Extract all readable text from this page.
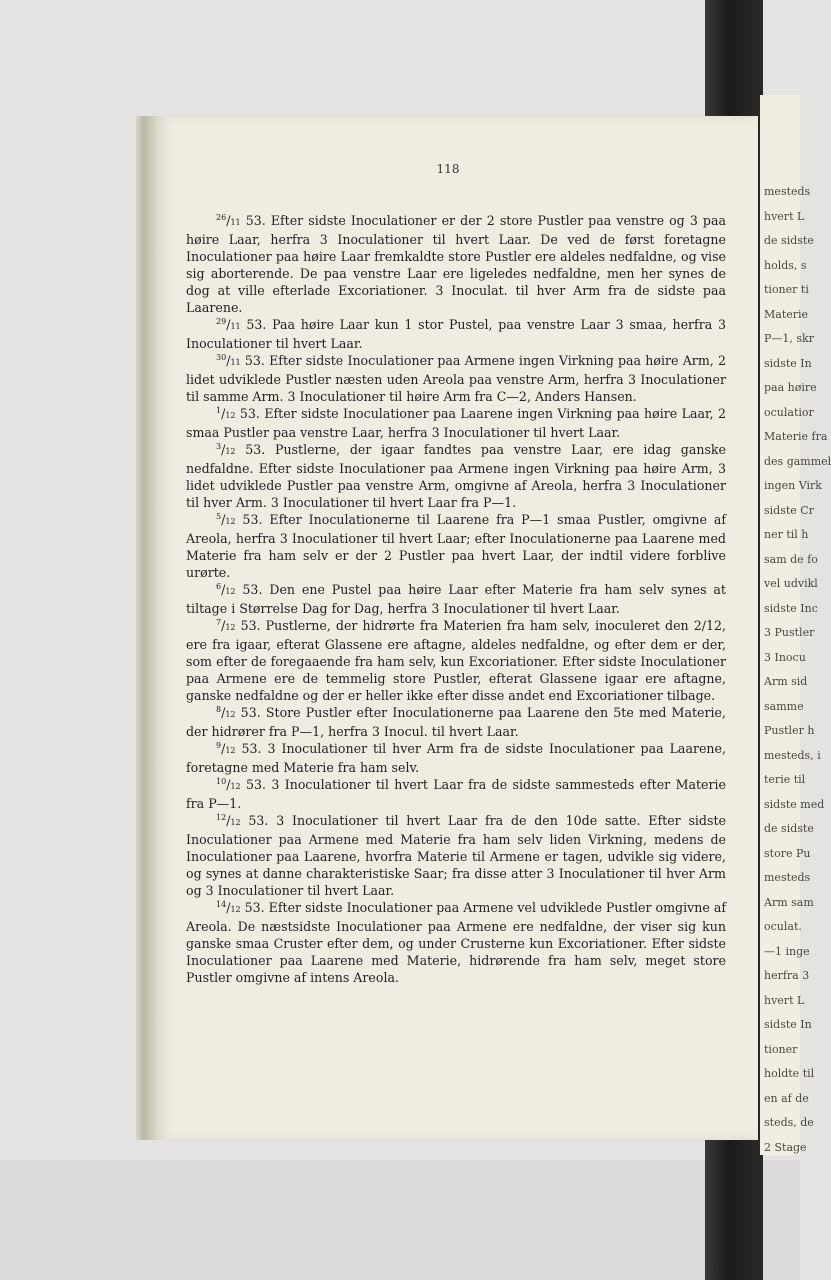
118

$^{26}$/11 53. Efter sidste Inoculationer er der 2 store Pustler paa venstre og 3 paa høire Laar, herfra 3 Inoculationer til hvert Laar. De ved de først foretagne Inoculationer paa høire Laar fremkaldte store Pustler ere aldeles nedfaldne, og vise sig aborterende. De paa venstre Laar ere ligeledes nedfaldne, men her synes de dog at ville efterlade Excoriationer. 3 Inoculat. til hver Arm fra de sidste paa Laarene.

$^{29}$/11 53. Paa høire Laar kun 1 stor Pustel, paa venstre Laar 3 smaa, herfra 3 Inoculationer til hvert Laar.

$^{30}$/11 53. Efter sidste Inoculationer paa Armene ingen Virkning paa høire Arm, 2 lidet udviklede Pustler næsten uden Areola paa venstre Arm, herfra 3 Inoculationer til samme Arm. 3 Inoculationer til høire Arm fra C—2, Anders Hansen.

$^1$/12 53. Efter sidste Inoculationer paa Laarene ingen Virkning paa høire Laar, 2 smaa Pustler paa venstre Laar, herfra 3 Inoculationer til hvert Laar.

$^3$/12 53. Pustlerne, der igaar fandtes paa venstre Laar, ere idag ganske nedfaldne. Efter sidste Inoculationer paa Armene ingen Virkning paa høire Arm, 3 lidet udviklede Pustler paa venstre Arm, omgivne af Areola, herfra 3 Inoculationer til hver Arm. 3 Inoculationer til hvert Laar fra P—1.

$^5$/12 53. Efter Inoculationerne til Laarene fra P—1 smaa Pustler, omgivne af Areola, herfra 3 Inoculationer til hvert Laar; efter Inoculationerne paa Laarene med Materie fra ham selv er der 2 Pustler paa hvert Laar, der indtil videre forblive urørte.

$^6$/12 53. Den ene Pustel paa høire Laar efter Materie fra ham selv synes at tiltage i Størrelse Dag for Dag, herfra 3 Inoculationer til hvert Laar.

$^7$/12 53. Pustlerne, der hidrørte fra Materien fra ham selv, inoculeret den 2/12, ere fra igaar, efterat Glassene ere aftagne, aldeles nedfaldne, og efter dem er der, som efter de foregaaende fra ham selv, kun Excoriationer. Efter sidste Inoculationer paa Armene ere de temmelig store Pustler, efterat Glassene igaar ere aftagne, ganske nedfaldne og der er heller ikke efter disse andet end Excoriationer tilbage.

$^8$/12 53. Store Pustler efter Inoculationerne paa Laarene den 5te med Materie, der hidrører fra P—1, herfra 3 Inocul. til hvert Laar.

$^9$/12 53. 3 Inoculationer til hver Arm fra de sidste Inoculationer paa Laarene, foretagne med Materie fra ham selv.

$^{10}$/12 53. 3 Inoculationer til hvert Laar fra de sidste sammesteds efter Materie fra P—1.

$^{12}$/12 53. 3 Inoculationer til hvert Laar fra de den 10de satte. Efter sidste Inoculationer paa Armene med Materie fra ham selv liden Virkning, medens de Inoculationer paa Laarene, hvorfra Materie til Armene er tagen, udvikle sig videre, og synes at danne charakteristiske Saar; fra disse atter 3 Inoculationer til hver Arm og 3 Inoculationer til hvert Laar.

$^{14}$/12 53. Efter sidste Inoculationer paa Armene vel udviklede Pustler omgivne af Areola. De næstsidste Inoculationer paa Armene ere nedfaldne, der viser sig kun ganske smaa Cruster efter dem, og under Crusterne kun Excoriationer. Efter sidste Inoculationer paa Laarene med Materie, hidrørende fra ham selv, meget store Pustler omgivne af intens Areola.

mesteds
hvert L
de sidste
holds, s
tioner ti
Materie
P—1, skr
sidste In
paa høire
oculatior
Materie fra
des gammel
ingen Virk
sidste Cr
ner til h
sam de fo
vel udvikl
sidste Inc
3 Pustler
3 Inocu
Arm sid
samme
Pustler h
mesteds, i
terie til
sidste med
de sidste
store Pu
mesteds
Arm sam
oculat.
—1 inge
herfra 3
hvert L
sidste In
tioner
holdte til
en af de
steds, de
2 Stage
